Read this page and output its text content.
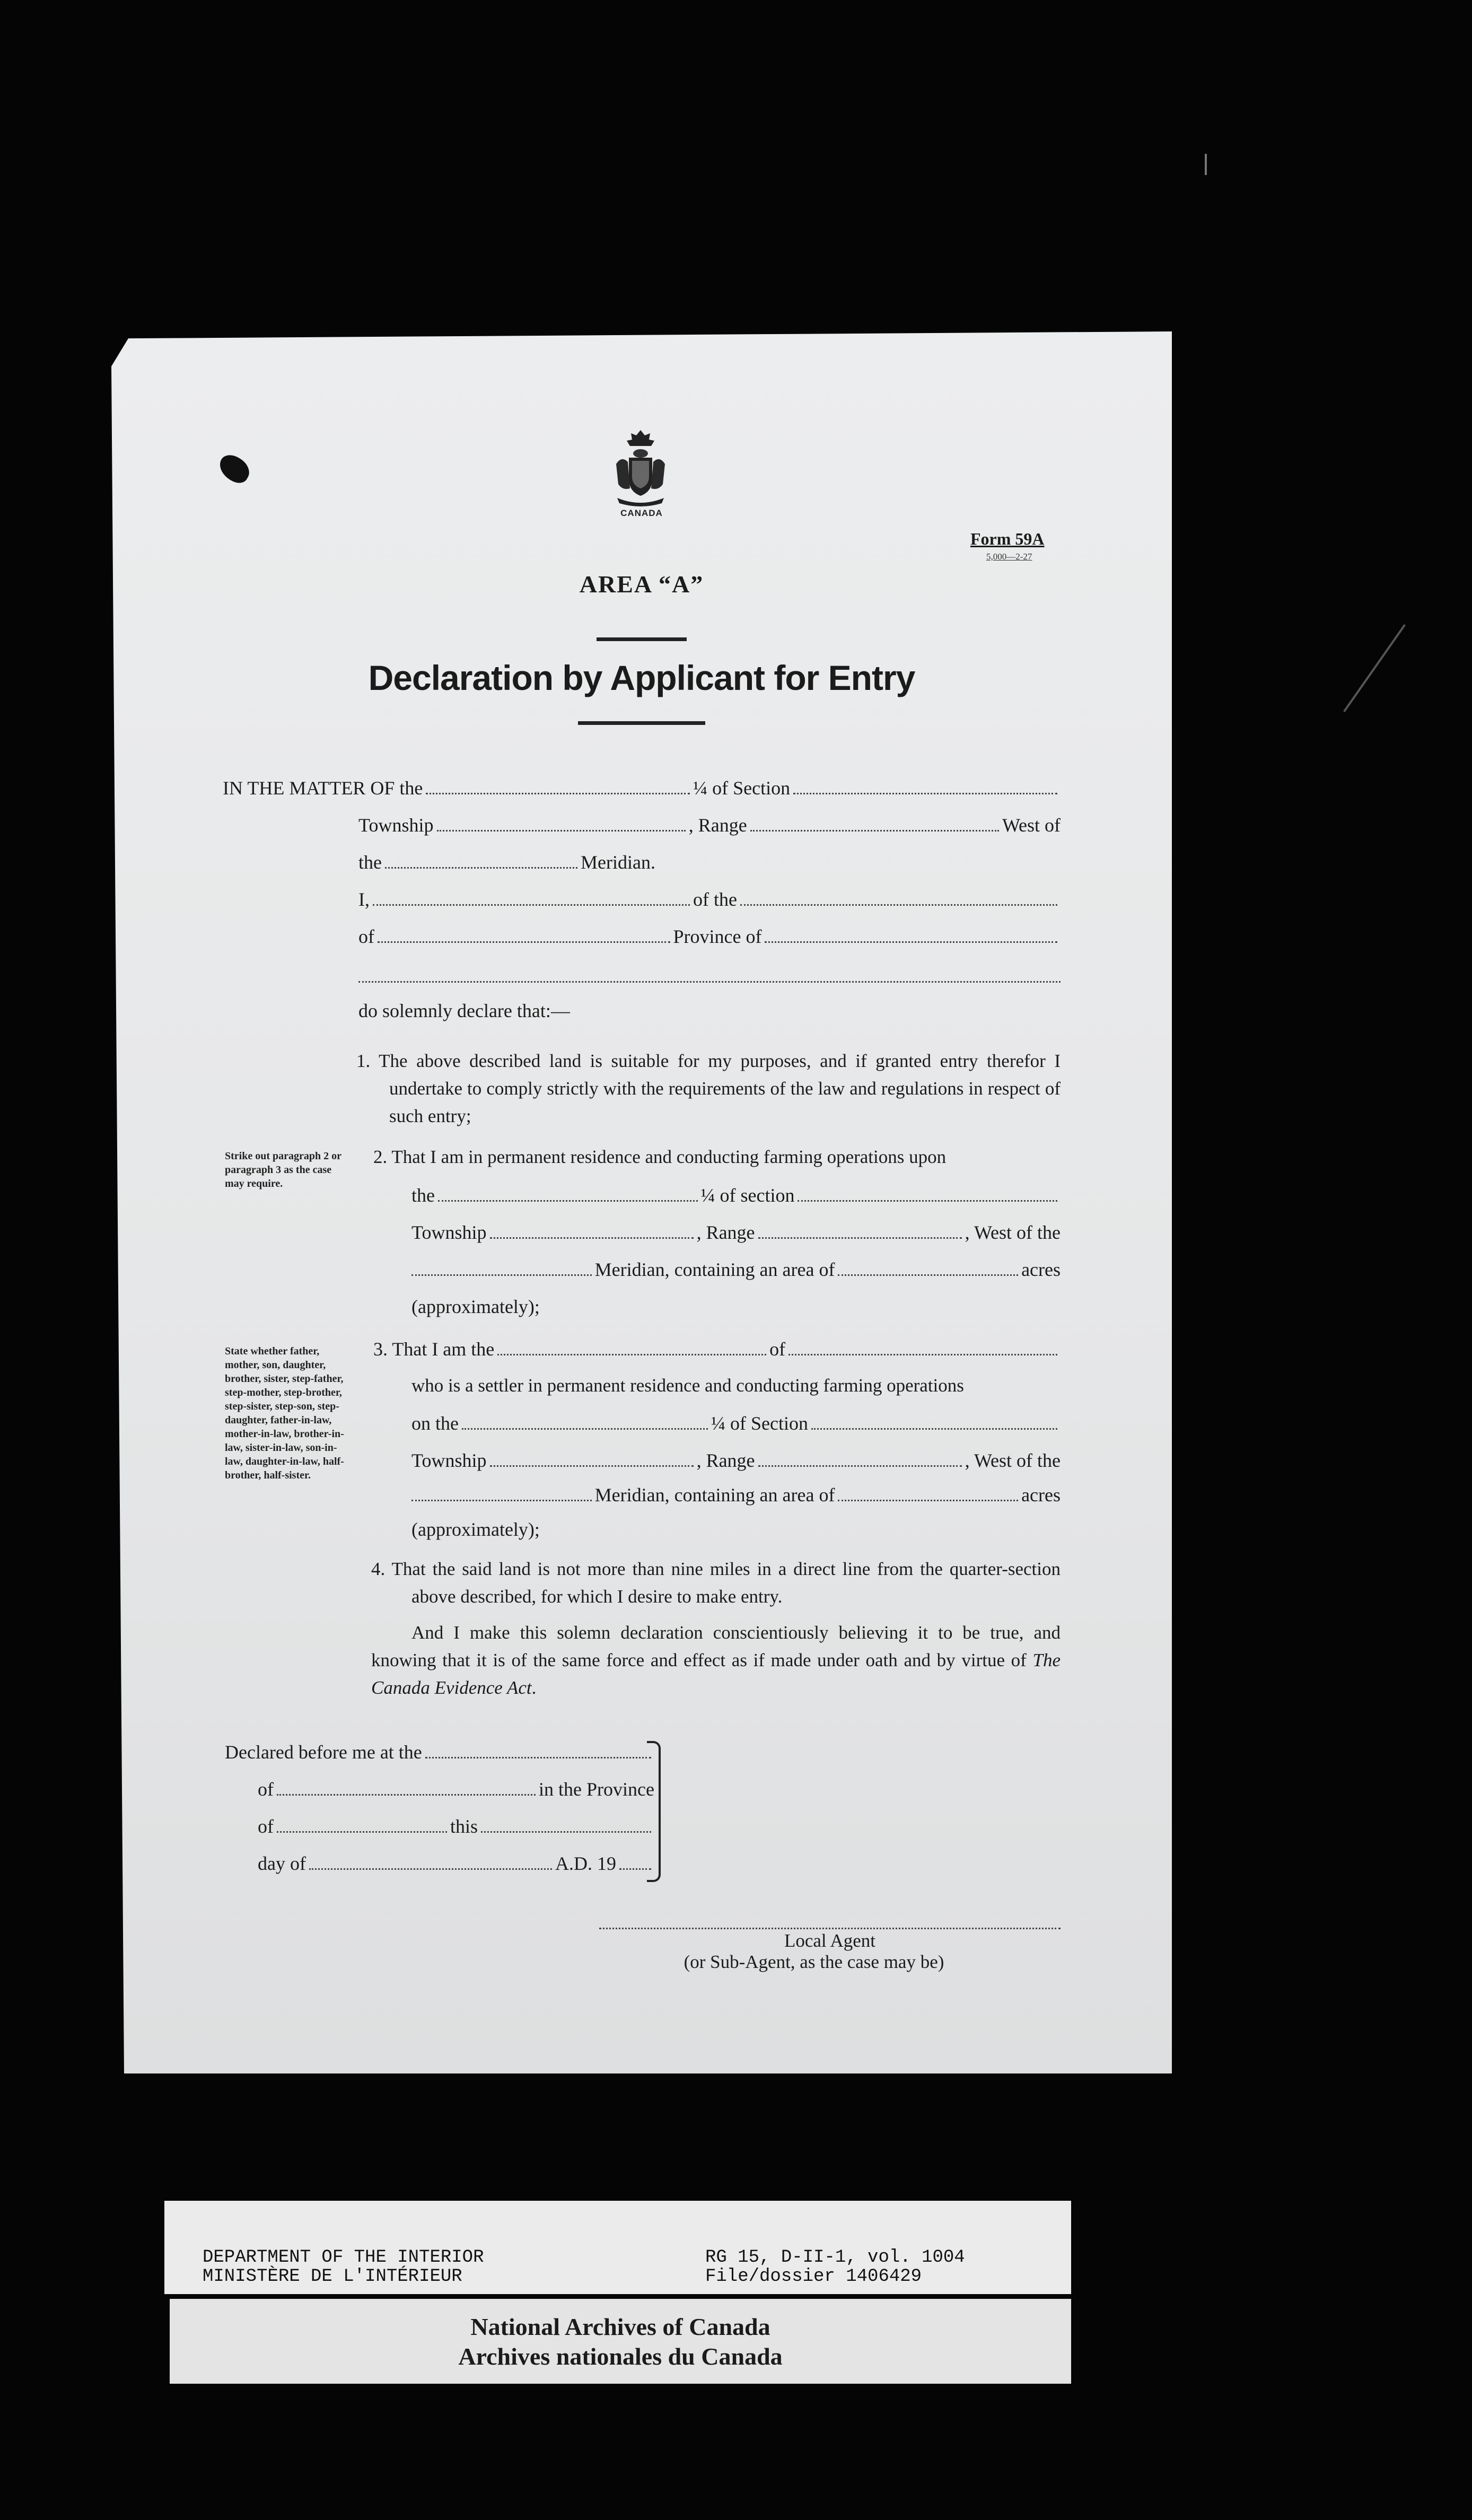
CANADA
Form 59A
5,000—2-27
AREA “A”
Declaration by Applicant for Entry
IN THE MATTER OF the	¼ of Section
Township	, Range	West of
the	Meridian.
I,	of the
of	Province of
do solemnly declare that:—
1. The above described land is suitable for my purposes, and if granted entry therefor I undertake to comply strictly with the requirements of the law and regulations in respect of such entry;
Strike out paragraph 2 or paragraph 3 as the case may require.
2. That I am in permanent residence and conducting farming operations upon
the	¼ of section
Township	, Range	, West of the
Meridian, containing an area of	acres
(approximately);
State whether father, mother, son, daughter, brother, sister, step-father, step-mother, step-brother, step-sister, step-son, step-daughter, father-in-law, mother-in-law, brother-in-law, sister-in-law, son-in-law, daughter-in-law, half-brother, half-sister.
3. That I am the	of
who is a settler in permanent residence and conducting farming operations
on the	¼ of Section
Township	, Range	, West of the
Meridian, containing an area of	acres
(approximately);
4. That the said land is not more than nine miles in a direct line from the quarter-section above described, for which I desire to make entry.
And I make this solemn declaration conscientiously believing it to be true, and knowing that it is of the same force and effect as if made under oath and by virtue of The Canada Evidence Act.
Declared before me at the
of	in the Province
of	this
day of	A.D. 19
Local Agent
(or Sub-Agent, as the case may be)
DEPARTMENT OF THE INTERIOR
MINISTÈRE DE L'INTÉRIEUR
RG 15, D-II-1, vol. 1004
File/dossier 1406429
National Archives of Canada
Archives nationales du Canada
